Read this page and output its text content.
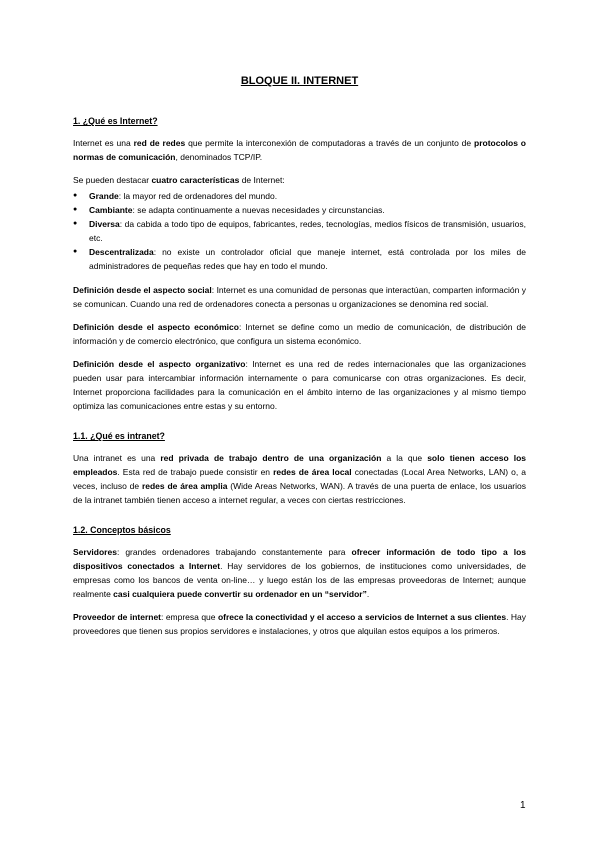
BLOQUE II. INTERNET
1. ¿Qué es Internet?

Internet es una red de redes que permite la interconexión de computadoras a través de un conjunto de protocolos o normas de comunicación, denominados TCP/IP.

Se pueden destacar cuatro características de Internet:

● Grande: la mayor red de ordenadores del mundo.
● Cambiante: se adapta continuamente a nuevas necesidades y circunstancias.
● Diversa: da cabida a todo tipo de equipos, fabricantes, redes, tecnologías, medios físicos de transmisión, usuarios, etc.
● Descentralizada: no existe un controlador oficial que maneje internet, está controlada por los miles de administradores de pequeñas redes que hay en todo el mundo.

Definición desde el aspecto social: Internet es una comunidad de personas que interactúan, comparten información y se comunican. Cuando una red de ordenadores conecta a personas u organizaciones se denomina red social.

Definición desde el aspecto económico: Internet se define como un medio de comunicación, de distribución de información y de comercio electrónico, que configura un sistema económico.

Definición desde el aspecto organizativo: Internet es una red de redes internacionales que las organizaciones pueden usar para intercambiar información internamente o para comunicarse con otras organizaciones. Es decir, Internet proporciona facilidades para la comunicación en el ámbito interno de las organizaciones y al mismo tiempo optimiza las comunicaciones entre estas y su entorno.

1.1. ¿Qué es intranet?

Una intranet es una red privada de trabajo dentro de una organización a la que solo tienen acceso los empleados. Esta red de trabajo puede consistir en redes de área local conectadas (Local Area Networks, LAN) o, a veces, incluso de redes de área amplia (Wide Areas Networks, WAN). A través de una puerta de enlace, los usuarios de la intranet también tienen acceso a internet regular, a veces con ciertas restricciones.

1.2. Conceptos básicos

Servidores: grandes ordenadores trabajando constantemente para ofrecer información de todo tipo a los dispositivos conectados a Internet. Hay servidores de los gobiernos, de instituciones como universidades, de empresas como los bancos de venta on-line… y luego están los de las empresas proveedoras de Internet; aunque realmente casi cualquiera puede convertir su ordenador en un “servidor”.

Proveedor de internet: empresa que ofrece la conectividad y el acceso a servicios de Internet a sus clientes. Hay proveedores que tienen sus propios servidores e instalaciones, y otros que alquilan estos equipos a los primeros.

1
